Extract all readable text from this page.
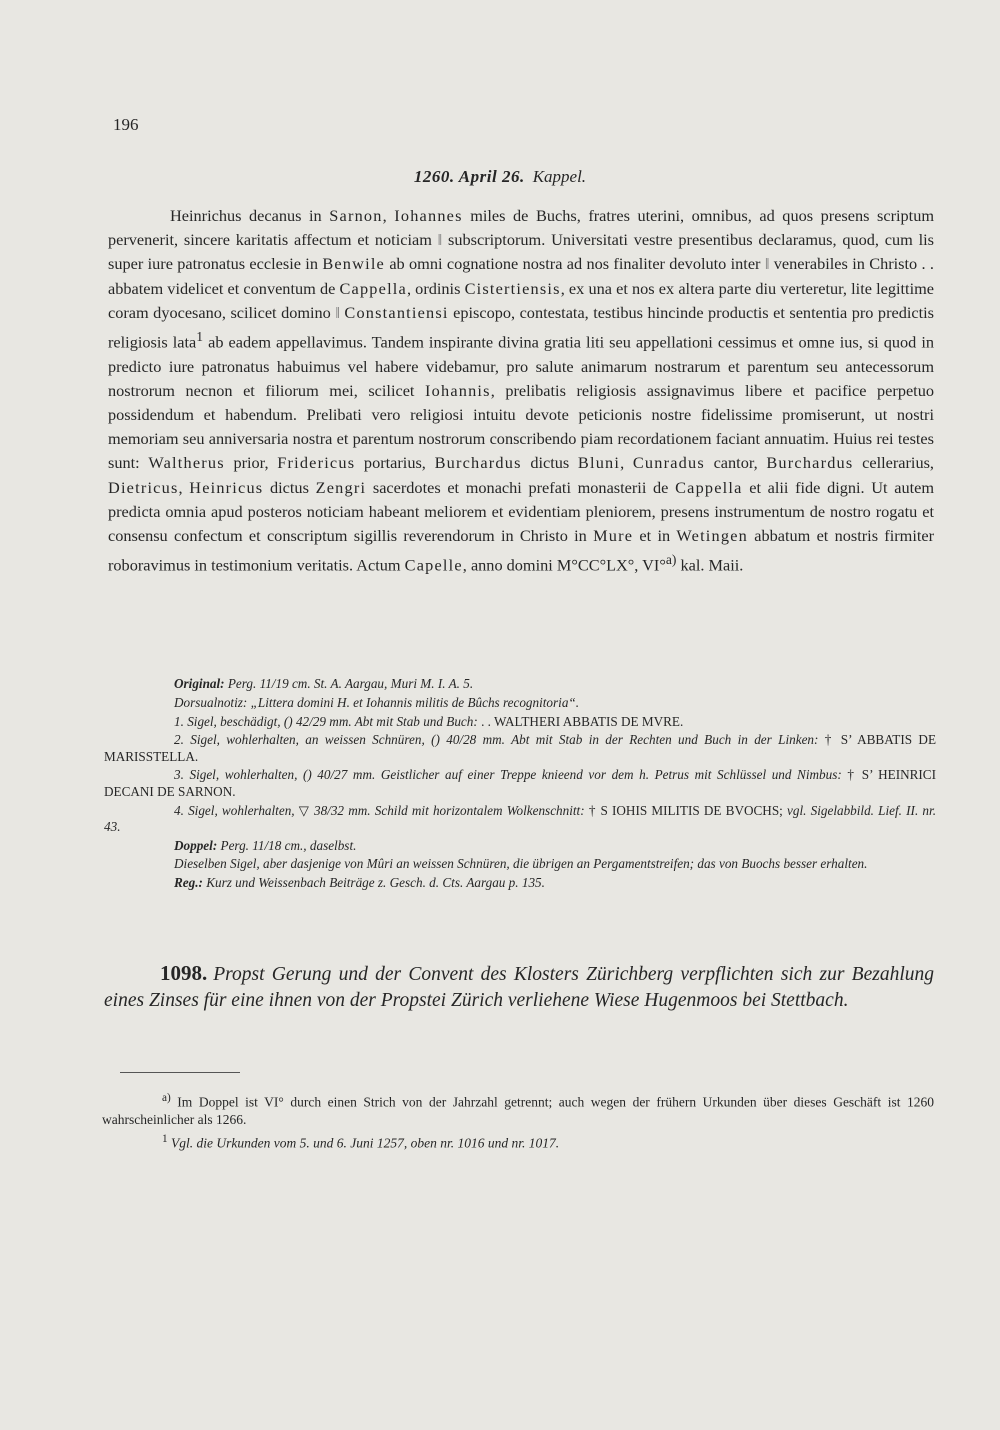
196
1260. April 26. Kappel.

Heinrichus decanus in Sarnon, Iohannes miles de Buchs, fratres uterini, omnibus, ad quos presens scriptum pervenerit, sincere karitatis affectum et noticiam ‖ subscriptorum. Universitati vestre presentibus declaramus, quod, cum lis super iure patronatus ecclesie in Benwile ab omni cognatione nostra ad nos finaliter devoluto inter ‖ venerabiles in Christo . . abbatem videlicet et conventum de Cappella, ordinis Cistertiensis, ex una et nos ex altera parte diu verteretur, lite legittime coram dyocesano, scilicet domino ‖ Constantiensi episcopo, contestata, testibus hincinde productis et sententia pro predictis religiosis lata$^1$ ab eadem appellavimus. Tandem inspirante divina gratia liti seu appellationi cessimus et omne ius, si quod in predicto iure patronatus habuimus vel habere videbamur, pro salute animarum nostrarum et parentum seu antecessorum nostrorum necnon et filiorum mei, scilicet Iohannis, prelibatis religiosis assignavimus libere et pacifice perpetuo possidendum et habendum. Prelibati vero religiosi intuitu devote peticionis nostre fidelissime promiserunt, ut nostri memoriam seu anniversaria nostra et parentum nostrorum conscribendo piam recordationem faciant annuatim. Huius rei testes sunt: Waltherus prior, Fridericus portarius, Burchardus dictus Bluni, Cunradus cantor, Burchardus cellerarius, Dietricus, Heinricus dictus Zengri sacerdotes et monachi prefati monasterii de Cappella et alii fide digni. Ut autem predicta omnia apud posteros noticiam habeant meliorem et evidentiam pleniorem, presens instrumentum de nostro rogatu et consensu confectum et conscriptum sigillis reverendorum in Christo in Mure et in Wetingen abbatum et nostris firmiter roboravimus in testimonium veritatis. Actum Capelle, anno domini M°CC°LX°, VI°$^{a)}$ kal. Maii.

Original: Perg. 11/19 cm. St. A. Aargau, Muri M. I. A. 5.

Dorsualnotiz: „Littera domini H. et Iohannis militis de Bûchs recognitoria“.

1. Sigel, beschädigt, () 42/29 mm. Abt mit Stab und Buch: . . WALTHERI ABBATIS DE MVRE.

2. Sigel, wohlerhalten, an weissen Schnüren, () 40/28 mm. Abt mit Stab in der Rechten und Buch in der Linken: † S’ ABBATIS DE MARISSTELLA.

3. Sigel, wohlerhalten, () 40/27 mm. Geistlicher auf einer Treppe knieend vor dem h. Petrus mit Schlüssel und Nimbus: † S’ HEINRICI DECANI DE SARNON.

4. Sigel, wohlerhalten, ▽ 38/32 mm. Schild mit horizontalem Wolkenschnitt: † S IOHIS MILITIS DE BVOCHS; vgl. Sigelabbild. Lief. II. nr. 43.

Doppel: Perg. 11/18 cm., daselbst.

Dieselben Sigel, aber dasjenige von Mûri an weissen Schnüren, die übrigen an Pergamentstreifen; das von Buochs besser erhalten.

Reg.: Kurz und Weissenbach Beiträge z. Gesch. d. Cts. Aargau p. 135.

1098. Propst Gerung und der Convent des Klosters Zürichberg verpflichten sich zur Bezahlung eines Zinses für eine ihnen von der Propstei Zürich verliehene Wiese Hugenmoos bei Stettbach.

$^{a)}$ Im Doppel ist VI° durch einen Strich von der Jahrzahl getrennt; auch wegen der frühern Urkunden über dieses Geschäft ist 1260 wahrscheinlicher als 1266.

$^1$ Vgl. die Urkunden vom 5. und 6. Juni 1257, oben nr. 1016 und nr. 1017.
